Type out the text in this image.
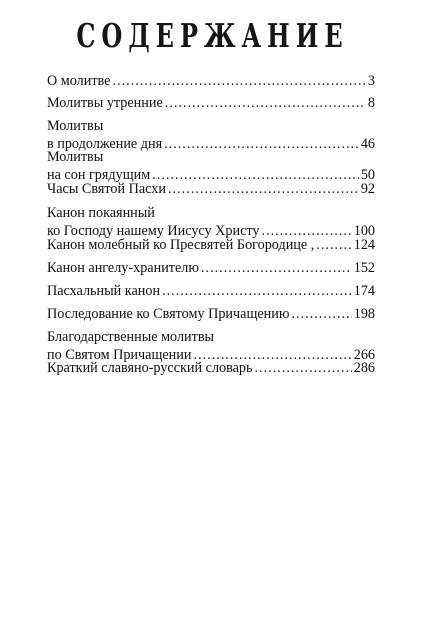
СОДЕРЖАНИЕ
О молитве .....	3
Молитвы утренние .....	8
Молитвы
в продолжение дня .....	46
Молитвы
на сон грядущим .....	50
Часы Святой Пасхи .....	92
Канон покаянный
ко Господу нашему Иисусу Христу .....	100
Канон молебный ко Пресвятей Богородице , .....	124
Канон ангелу-хранителю .....	152
Пасхальный канон .....	174
Последование ко Святому Причащению .....	198
Благодарственные молитвы
по Святом Причащении .....	266
Краткий славяно-русский словарь .....	286
